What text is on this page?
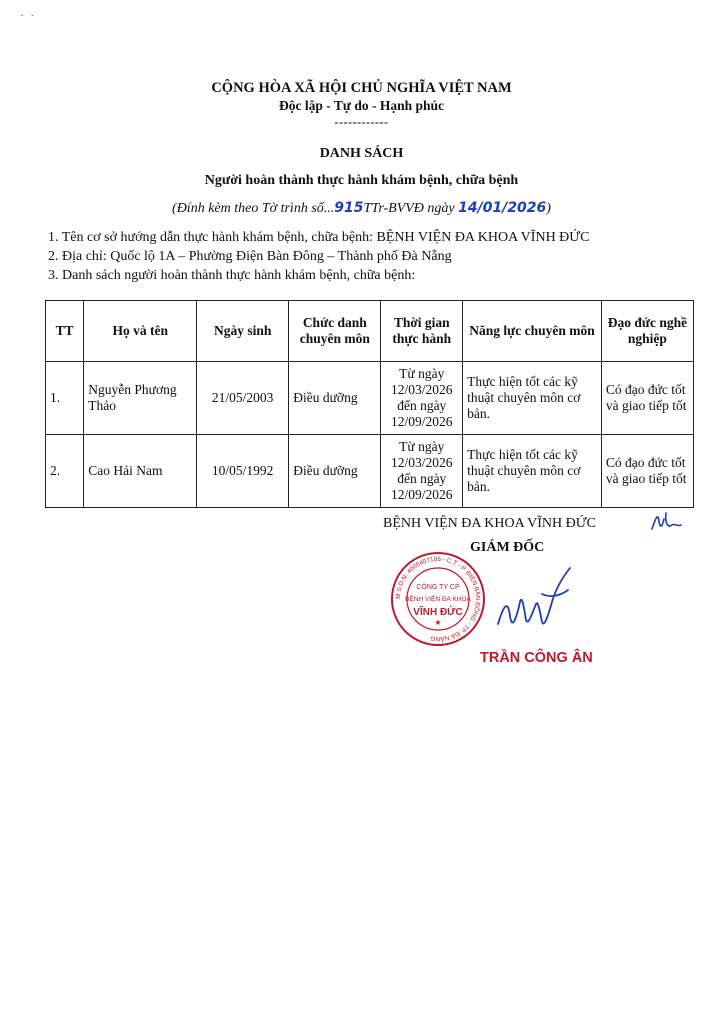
· ·
CỘNG HÒA XÃ HỘI CHỦ NGHĨA VIỆT NAM
Độc lập - Tự do - Hạnh phúc
------------
DANH SÁCH
Người hoàn thành thực hành khám bệnh, chữa bệnh
(Đính kèm theo Tờ trình số...915TTr-BVVĐ ngày 14/01/2026)
1. Tên cơ sở hướng dẫn thực hành khám bệnh, chữa bệnh: BỆNH VIỆN ĐA KHOA VĨNH ĐỨC
2. Địa chỉ: Quốc lộ 1A – Phường Điện Bàn Đông – Thành phố Đà Nẵng
3. Danh sách người hoàn thành thực hành khám bệnh, chữa bệnh:
TT	Họ và tên	Ngày sinh	Chức danh chuyên môn	Thời gian thực hành	Năng lực chuyên môn	Đạo đức nghề nghiệp
1.	Nguyễn Phương Thảo	21/05/2003	Điều dưỡng	Từ ngày 12/03/2026 đến ngày 12/09/2026	Thực hiện tốt các kỹ thuật chuyên môn cơ bản.	Có đạo đức tốt và giao tiếp tốt
2.	Cao Hải Nam	10/05/1992	Điều dưỡng	Từ ngày 12/03/2026 đến ngày 12/09/2026	Thực hiện tốt các kỹ thuật chuyên môn cơ bản.	Có đạo đức tốt và giao tiếp tốt
BỆNH VIỆN ĐA KHOA VĨNH ĐỨC
GIÁM ĐỐC
M.S.D.N: 4000407106 - C.T - P. ĐIỆN BÀN ĐÔNG - TP. ĐÀ NẴNG
CÔNG TY CP
BỆNH VIỆN ĐA KHOA
VĨNH ĐỨC
★
TRẦN CÔNG ÂN
